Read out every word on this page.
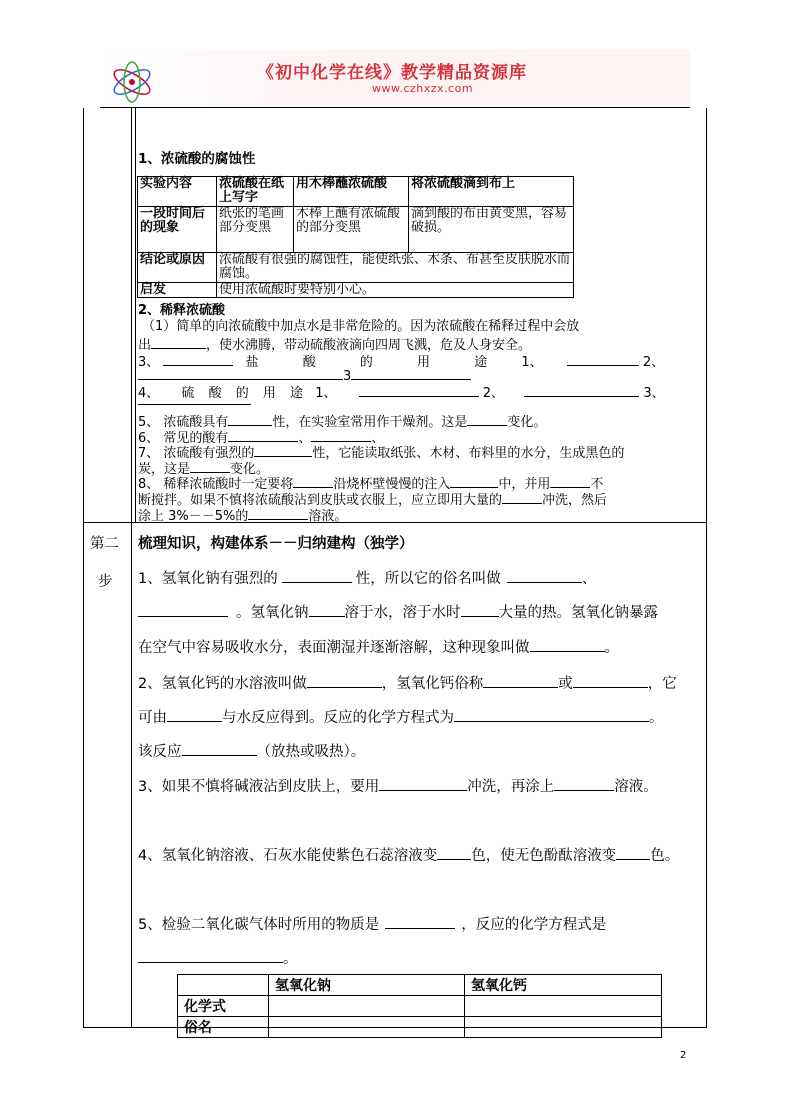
《初中化学在线》教学精品资源库
www.czhxzx.com
1、浓硫酸的腐蚀性
实验内容	浓硫酸在纸上写字	用木棒蘸浓硫酸	将浓硫酸滴到布上
一段时间后的现象	纸张的笔画部分变黑	木棒上蘸有浓硫酸的部分变黑	滴到酸的布由黄变黑，容易破损。
结论或原因	浓硫酸有很强的腐蚀性，能使纸张、木条、布甚至皮肤脱水而腐蚀。		
启发	使用浓硫酸时要特别小心。		
2、稀释浓硫酸
（1）简单的向浓硫酸中加点水是非常危险的。因为浓硫酸在稀释过程中会放
出	，使水沸腾，带动硫酸液滴向四周飞溅，危及人身安全。
3、	盐	酸	的	用	途	1、	2、
3
4、 硫 酸 的 用 途 1、	2、	3、
5、 浓硫酸具有	性，在实验室常用作干燥剂。这是	变化。
6、 常见的酸有	、	、
7、 浓硫酸有强烈的	性，它能读取纸张、木材、布料里的水分，生成黑色的
炭，这是	变化。
8、 稀释浓硫酸时一定要将	沿烧杯壁慢慢的注入	中，并用	不
断搅拌。如果不慎将浓硫酸沾到皮肤或衣服上，应立即用大量的	冲洗，然后
涂上 3%－－5%的	溶液。
第二
步
梳理知识，构建体系－－归纳建构（独学）
1、氢氧化钠有强烈的	性，所以它的俗名叫做	、
。氢氧化钠 溶于水，溶于水时	大量的热。氢氧化钠暴露
在空气中容易吸收水分，表面潮湿并逐渐溶解，这种现象叫做	。
2、氢氧化钙的水溶液叫做	，氢氧化钙俗称	或	，它
可由	与水反应得到。反应的化学方程式为	。
该反应	（放热或吸热）。
3、如果不慎将碱液沾到皮肤上，要用	冲洗，再涂上	溶液。
4、氢氧化钠溶液、石灰水能使紫色石蕊溶液变 色，使无色酚酞溶液变 色。
5、检验二氧化碳气体时所用的物质是	，反应的化学方程式是
。
	氢氧化钠	氢氧化钙
化学式		
俗名		
2
